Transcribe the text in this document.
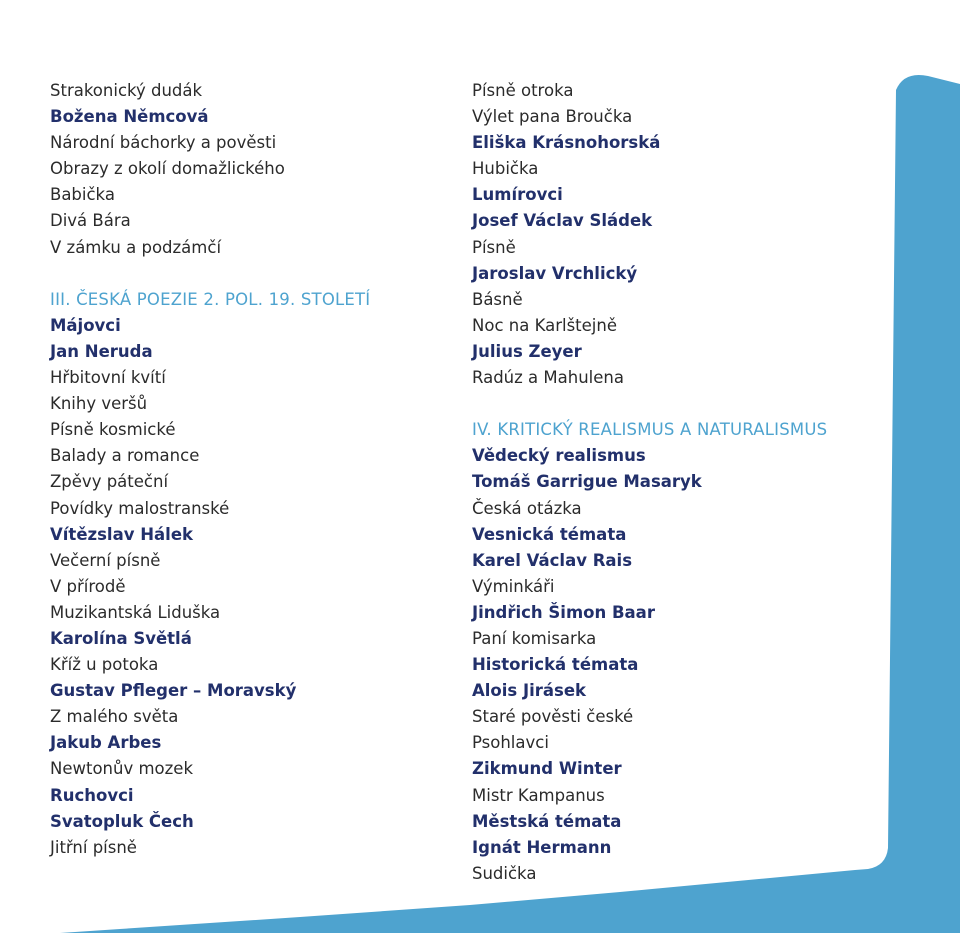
13
Strakonický dudák
Božena Němcová
Národní báchorky a pověsti
Obrazy z okolí domažlického
Babička
Divá Bára
V zámku a podzámčí
III. ČESKÁ POEZIE 2. POL. 19. STOLETÍ
Májovci
Jan Neruda
Hřbitovní kvítí
Knihy veršů
Písně kosmické
Balady a romance
Zpěvy páteční
Povídky malostranské
Vítězslav Hálek
Večerní písně
V přírodě
Muzikantská Liduška
Karolína Světlá
Kříž u potoka
Gustav Pfleger – Moravský
Z malého světa
Jakub Arbes
Newtonův mozek
Ruchovci
Svatopluk Čech
Jitřní písně
Písně otroka
Výlet pana Broučka
Eliška Krásnohorská
Hubička
Lumírovci
Josef Václav Sládek
Písně
Jaroslav Vrchlický
Básně
Noc na Karlštejně
Julius Zeyer
Radúz a Mahulena
IV. KRITICKÝ REALISMUS A NATURALISMUS
Vědecký realismus
Tomáš Garrigue Masaryk
Česká otázka
Vesnická témata
Karel Václav Rais
Výminkáři
Jindřich Šimon Baar
Paní komisarka
Historická témata
Alois Jirásek
Staré pověsti české
Psohlavci
Zikmund Winter
Mistr Kampanus
Městská témata
Ignát Hermann
Sudička
